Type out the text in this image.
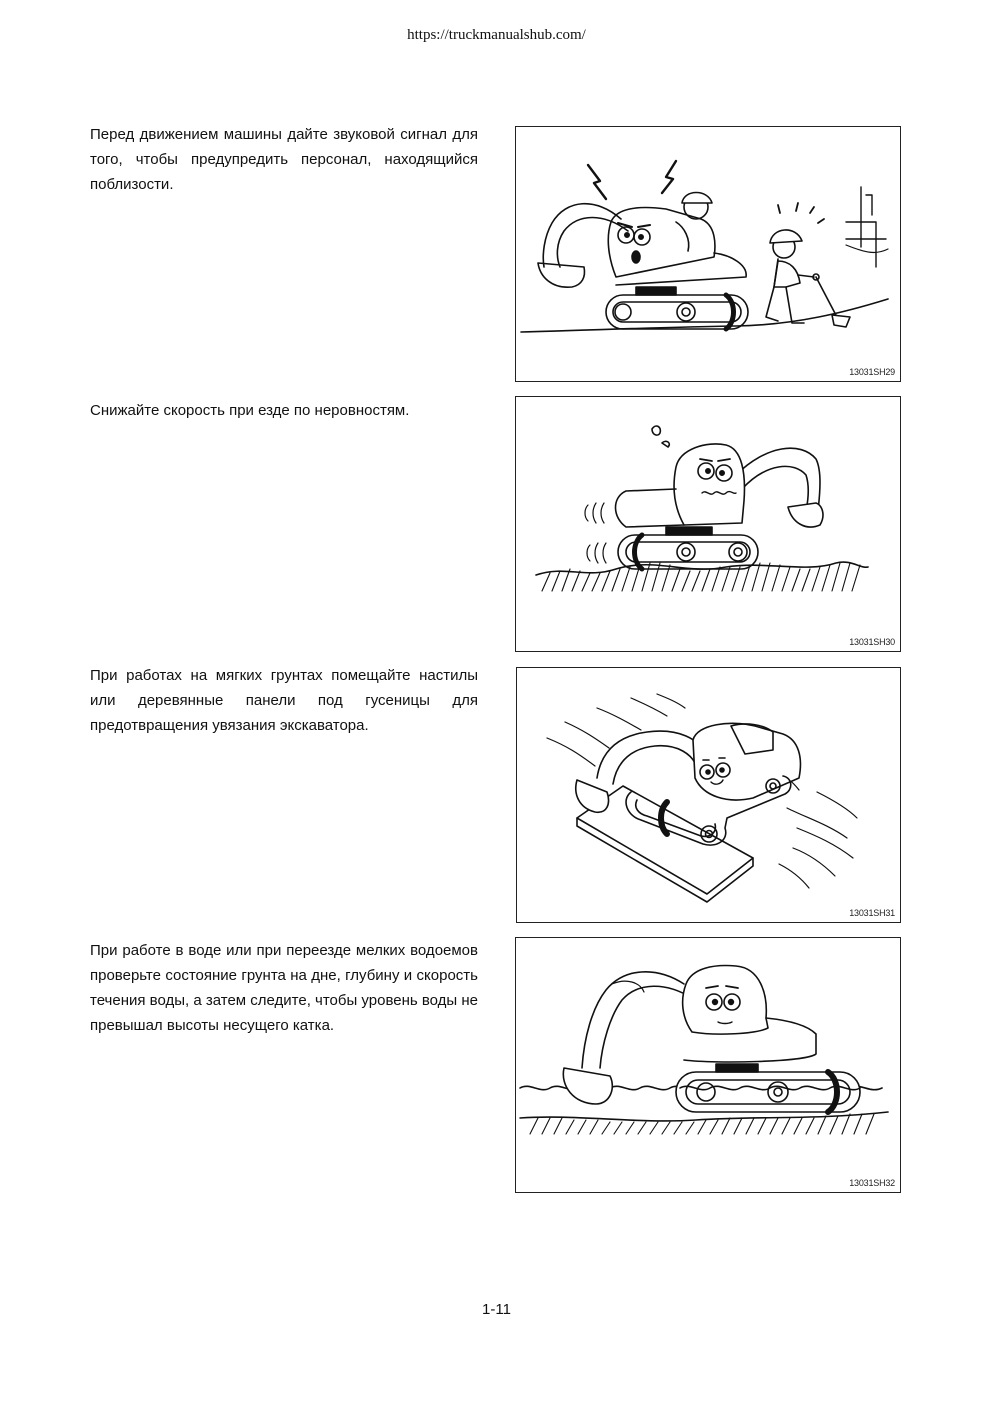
https://truckmanualshub.com/
Перед движением машины дайте звуковой сигнал для того, чтобы предупредить персонал, находящийся поблизости.
13031SH29
Снижайте скорость при езде по неровностям.
13031SH30
При работах на мягких грунтах помещайте настилы или деревянные панели под гусеницы для предотвращения увязания экскаватора.
13031SH31
При работе в воде или при переезде мелких водоемов проверьте состояние грунта на дне, глубину и скорость течения воды, а затем следите, чтобы уровень воды не превышал высоты несущего катка.
13031SH32
1-11
